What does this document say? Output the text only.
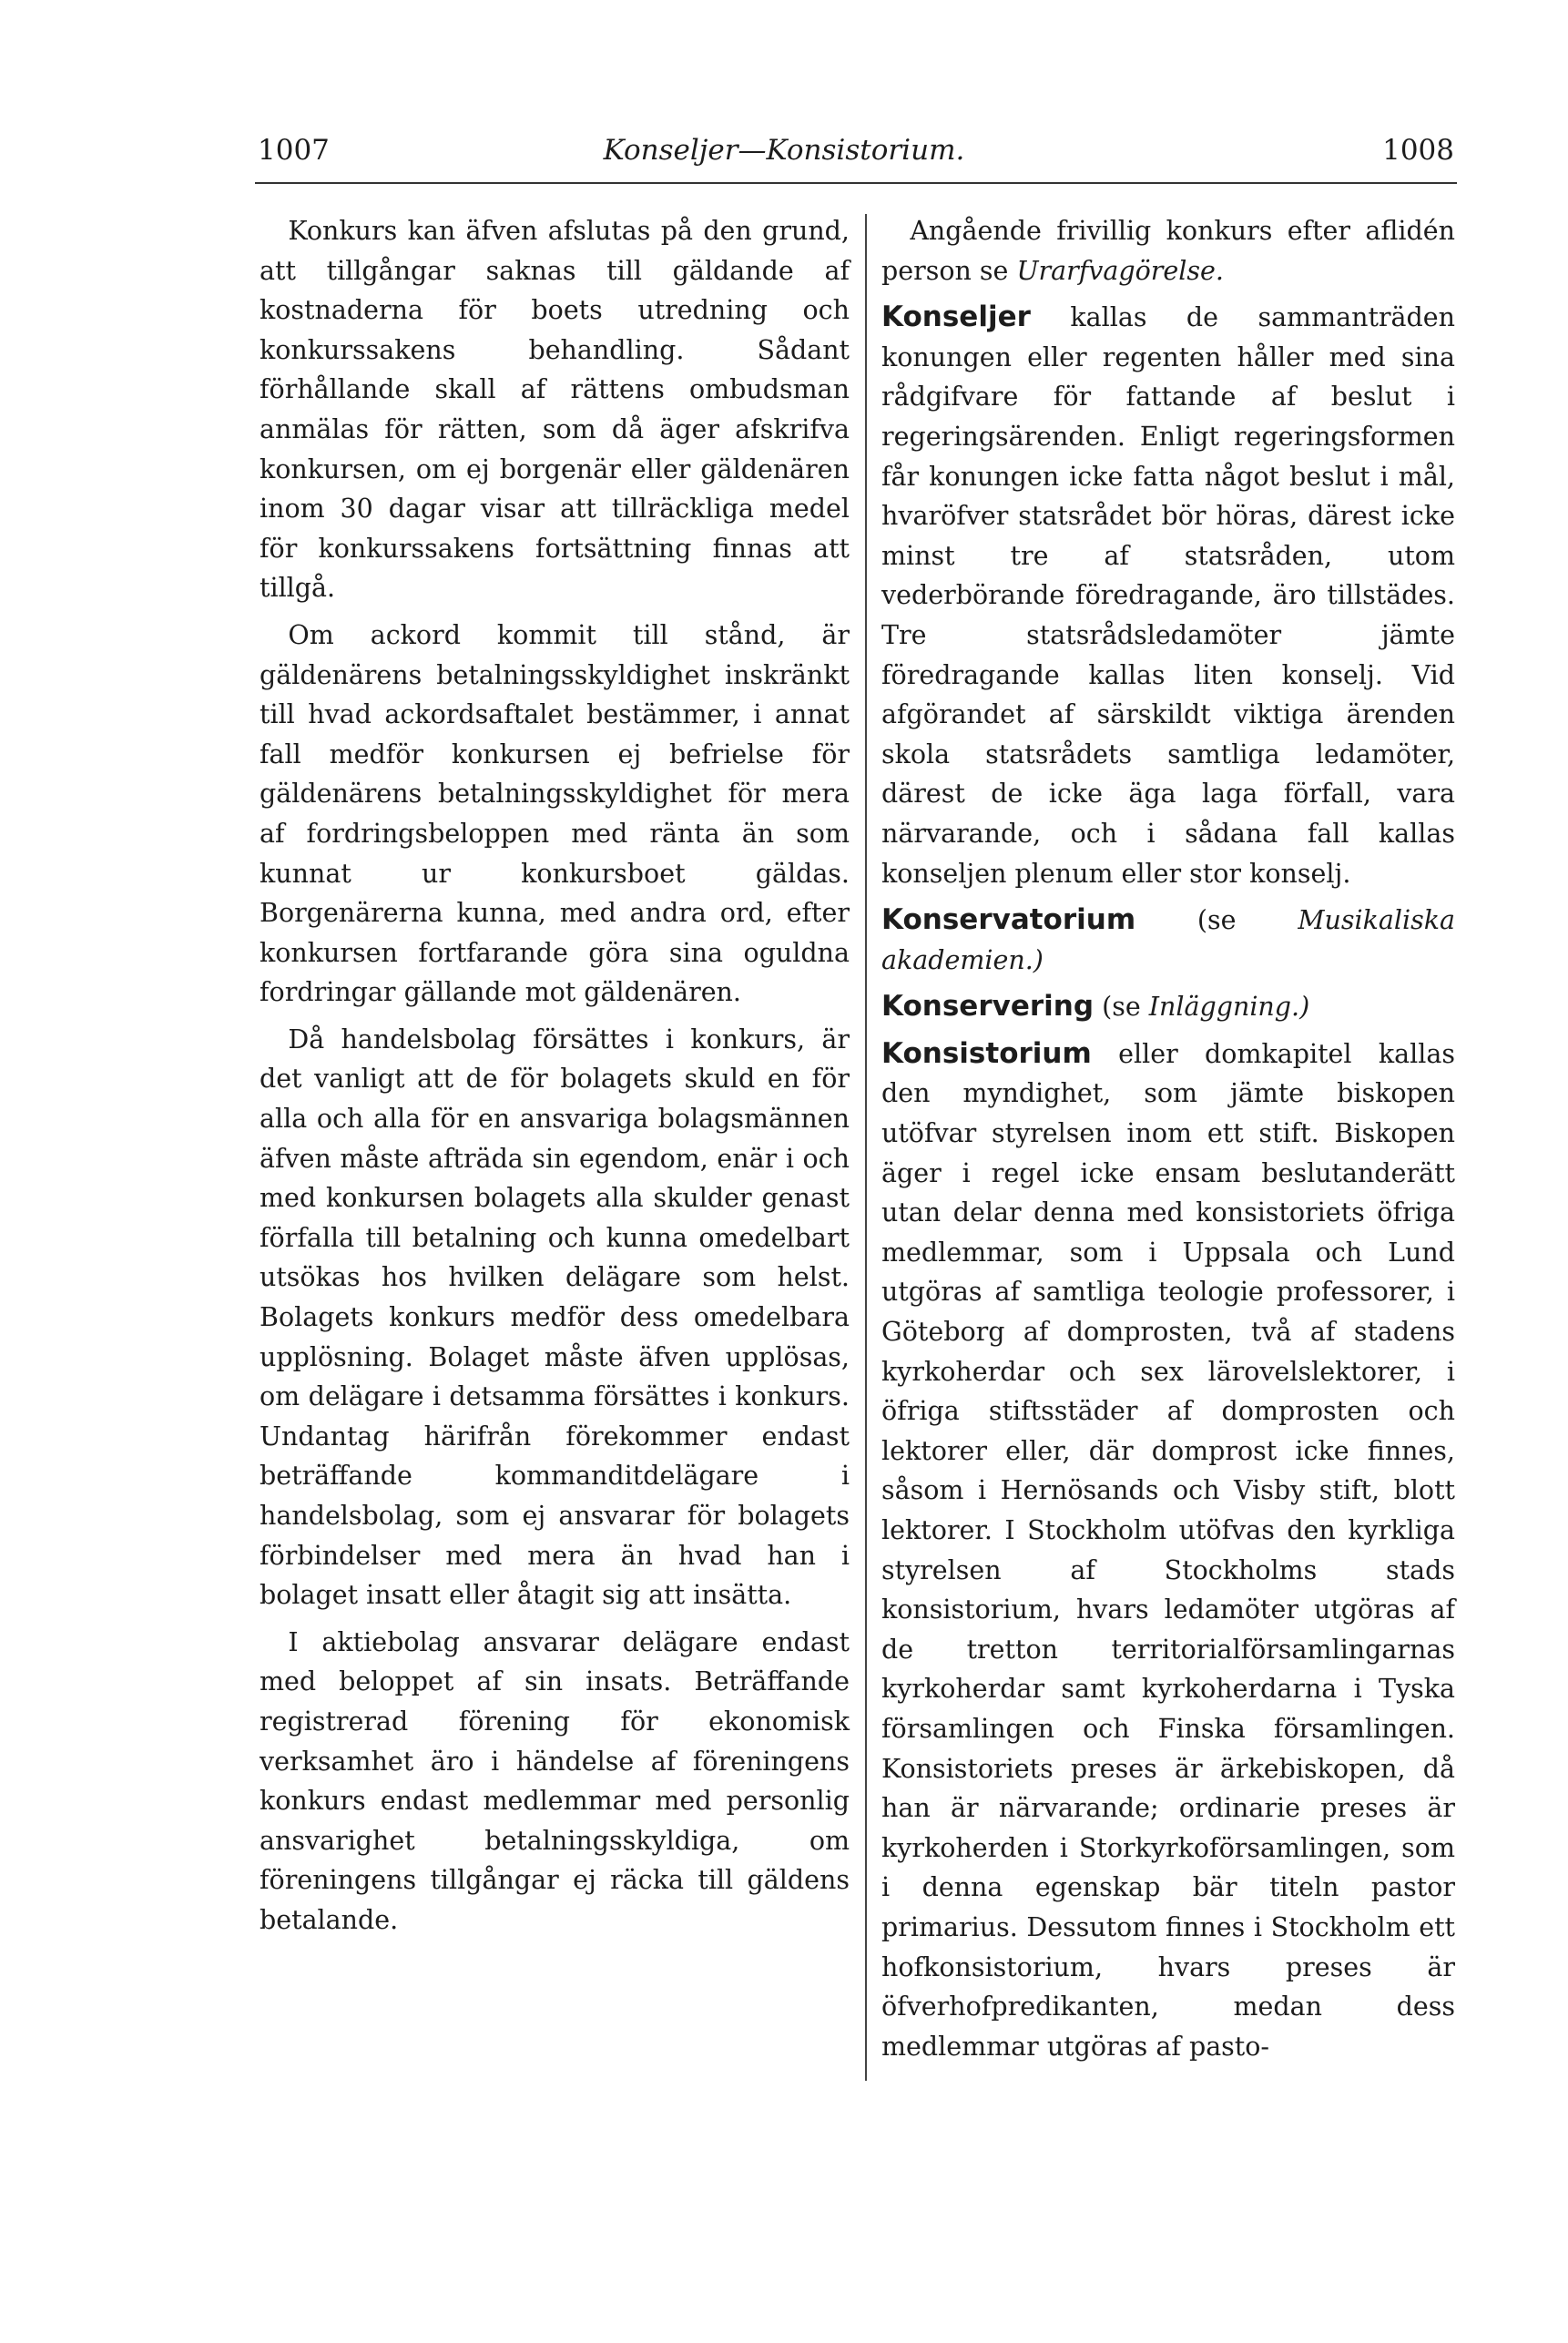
1007	Konseljer—Konsistorium.	1008

Konkurs kan äfven afslutas på den grund, att tillgångar saknas till gäldande af kostnaderna för boets utredning och konkurssakens behandling. Sådant förhållande skall af rättens ombudsman anmälas för rätten, som då äger afskrifva konkursen, om ej borgenär eller gäldenären inom 30 dagar visar att tillräckliga medel för konkurssakens fortsättning finnas att tillgå.

Om ackord kommit till stånd, är gäldenärens betalningsskyldighet inskränkt till hvad ackordsaftalet bestämmer, i annat fall medför konkursen ej befrielse för gäldenärens betalningsskyldighet för mera af fordringsbeloppen med ränta än som kunnat ur konkursboet gäldas. Borgenärerna kunna, med andra ord, efter konkursen fortfarande göra sina oguldna fordringar gällande mot gäldenären.

Då handelsbolag försättes i konkurs, är det vanligt att de för bolagets skuld en för alla och alla för en ansvariga bolagsmännen äfven måste afträda sin egendom, enär i och med konkursen bolagets alla skulder genast förfalla till betalning och kunna omedelbart utsökas hos hvilken delägare som helst. Bolagets konkurs medför dess omedelbara upplösning. Bolaget måste äfven upplösas, om delägare i detsamma försättes i konkurs. Undantag härifrån förekommer endast beträffande kommanditdelägare i handelsbolag, som ej ansvarar för bolagets förbindelser med mera än hvad han i bolaget insatt eller åtagit sig att insätta.

I aktiebolag ansvarar delägare endast med beloppet af sin insats. Beträffande registrerad förening för ekonomisk verksamhet äro i händelse af föreningens konkurs endast medlemmar med personlig ansvarighet betalningsskyldiga, om föreningens tillgångar ej räcka till gäldens betalande.

Angående frivillig konkurs efter aflidén person se Urarfvagörelse.

Konseljer kallas de sammanträden konungen eller regenten håller med sina rådgifvare för fattande af beslut i regeringsärenden. Enligt regeringsformen får konungen icke fatta något beslut i mål, hvaröfver statsrådet bör höras, därest icke minst tre af statsråden, utom vederbörande föredragande, äro tillstädes. Tre statsrådsledamöter jämte föredragande kallas liten konselj. Vid afgörandet af särskildt viktiga ärenden skola statsrådets samtliga ledamöter, därest de icke äga laga förfall, vara närvarande, och i sådana fall kallas konseljen plenum eller stor konselj.

Konservatorium (se Musikaliska akademien.)

Konservering (se Inläggning.)

Konsistorium eller domkapitel kallas den myndighet, som jämte biskopen utöfvar styrelsen inom ett stift. Biskopen äger i regel icke ensam beslutanderätt utan delar denna med konsistoriets öfriga medlemmar, som i Uppsala och Lund utgöras af samtliga teologie professorer, i Göteborg af domprosten, två af stadens kyrkoherdar och sex lärovelslektorer, i öfriga stiftsstäder af domprosten och lektorer eller, där domprost icke finnes, såsom i Hernösands och Visby stift, blott lektorer. I Stockholm utöfvas den kyrkliga styrelsen af Stockholms stads konsistorium, hvars ledamöter utgöras af de tretton territorialförsamlingarnas kyrkoherdar samt kyrkoherdarna i Tyska församlingen och Finska församlingen. Konsistoriets preses är ärkebiskopen, då han är närvarande; ordinarie preses är kyrkoherden i Storkyrkoförsamlingen, som i denna egenskap bär titeln pastor primarius. Dessutom finnes i Stockholm ett hofkonsistorium, hvars preses är öfverhofpredikanten, medan dess medlemmar utgöras af pasto-
